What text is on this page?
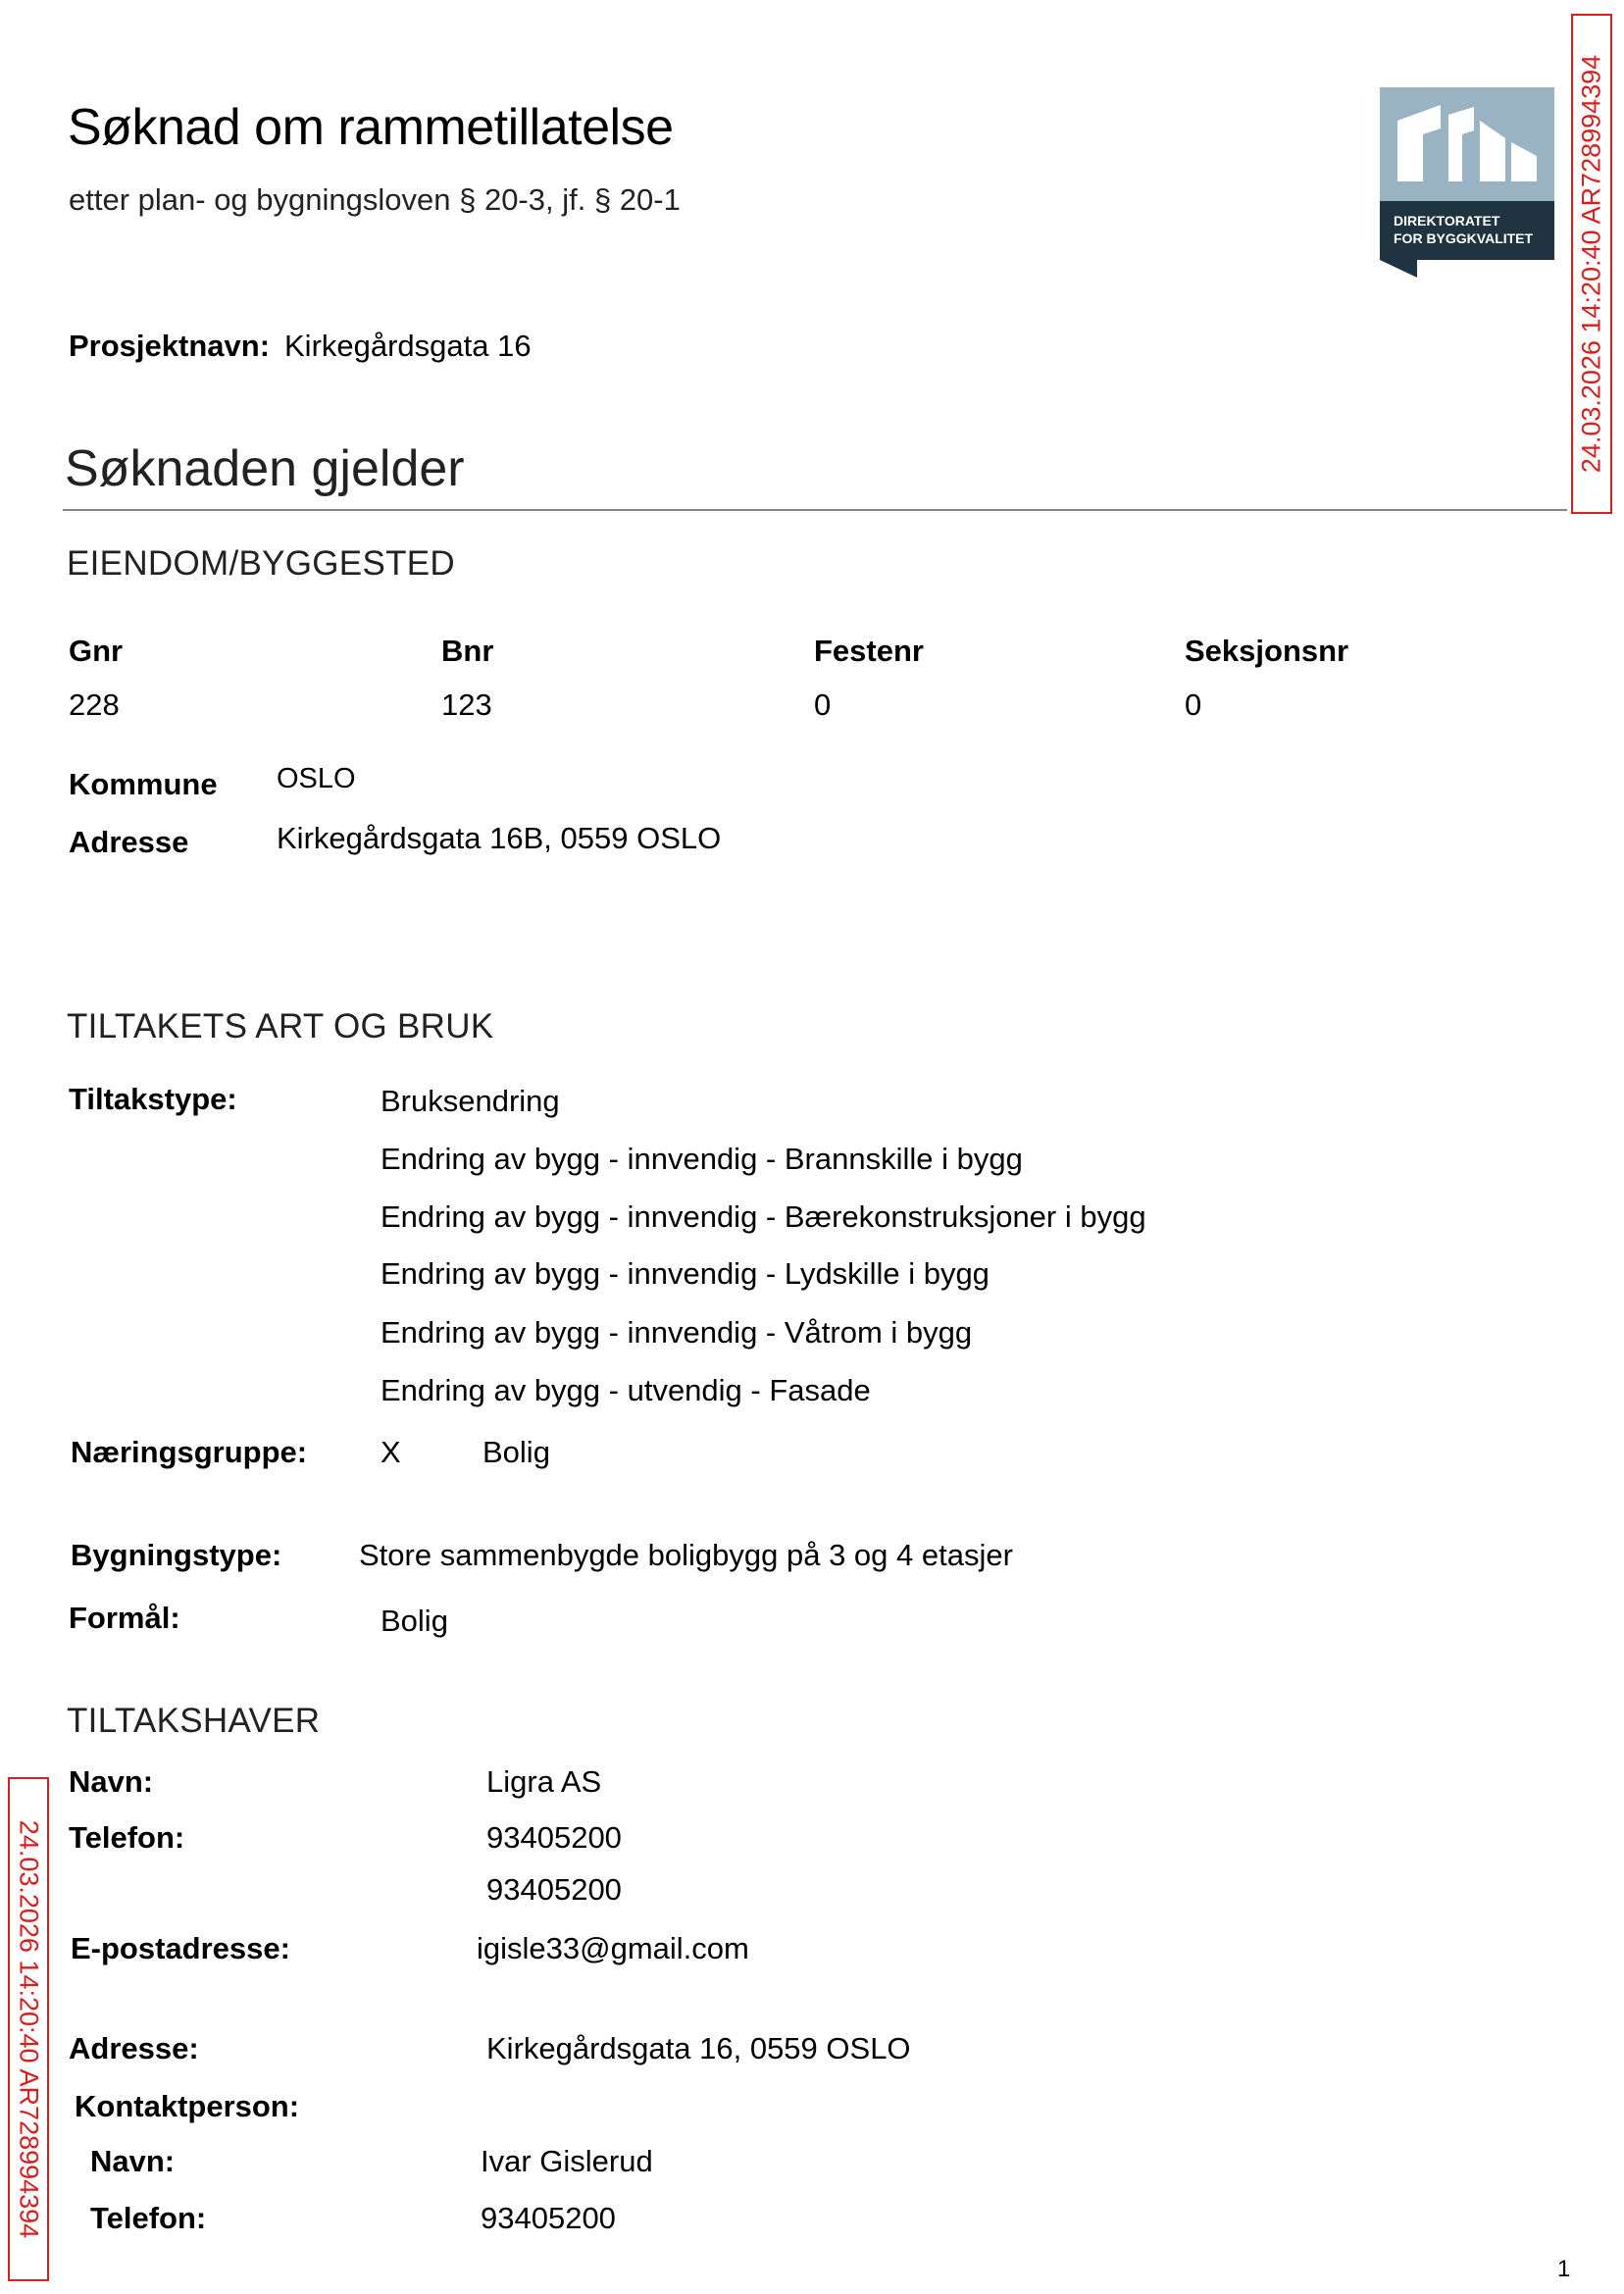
Søknad om rammetillatelse
etter plan- og bygningsloven § 20-3, jf. § 20-1
DIREKTORATET
FOR BYGGKVALITET 24.03.2026 14:20:40 AR728994394
Prosjektnavn: Kirkegårdsgata 16
Søknaden gjelder
EIENDOM/BYGGESTED
Gnr	Bnr	Festenr	Seksjonsnr
228	123	0	0
Kommune OSLO
Adresse	Kirkegårdsgata 16B, 0559 OSLO
TILTAKETS ART OG BRUK
Tiltakstype:	Bruksendring
Endring av bygg - innvendig - Brannskille i bygg
Endring av bygg - innvendig - Bærekonstruksjoner i bygg
Endring av bygg - innvendig - Lydskille i bygg
Endring av bygg - innvendig - Våtrom i bygg
Endring av bygg - utvendig - Fasade
Næringsgruppe: X	Bolig
Bygningstype:	Store sammenbygde boligbygg på 3 og 4 etasjer
Formål:	Bolig
TILTAKSHAVER
Navn:	Ligra AS
Telefon:	93405200
93405200
E-postadresse:	igisle33@gmail.com
Adresse:	Kirkegårdsgata 16, 0559 OSLO
Kontaktperson:
Navn:	Ivar Gislerud
Telefon:	93405200
24.03.2026 14:20:40 AR728994394
1
